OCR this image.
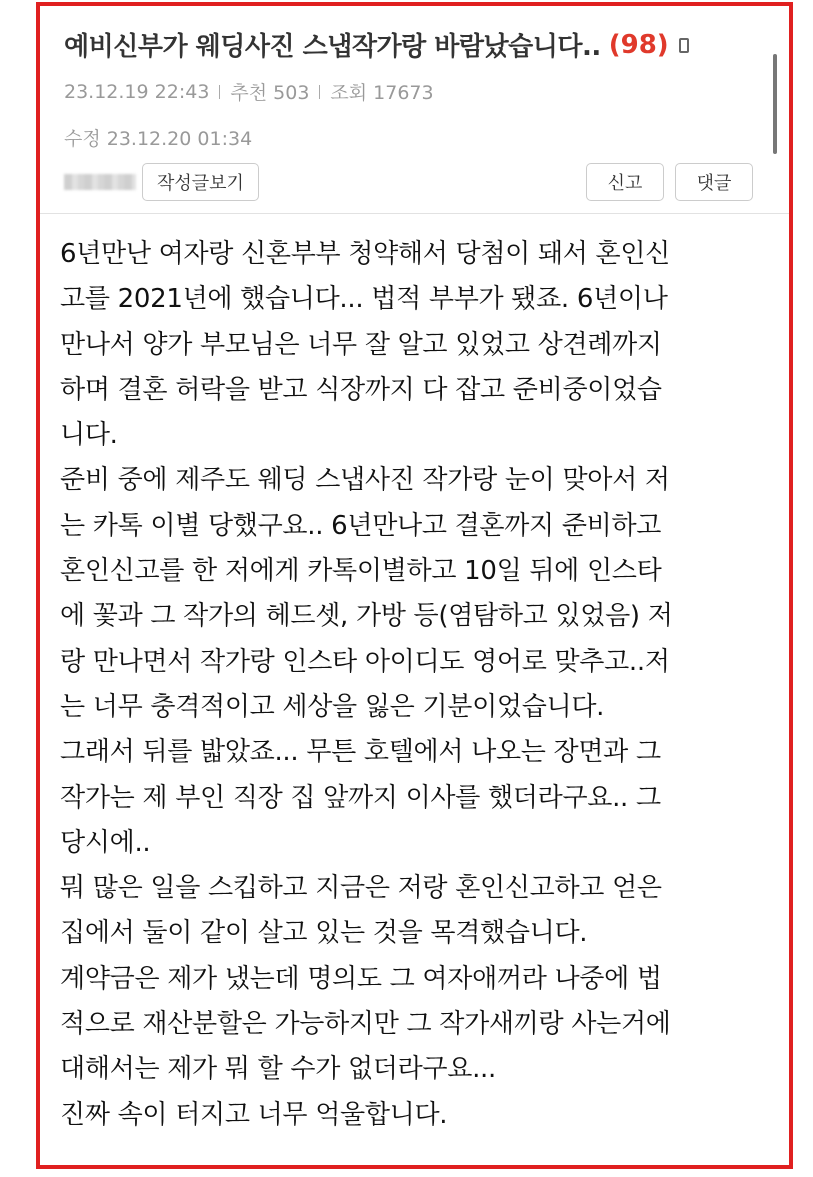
예비신부가 웨딩사진 스냅작가랑 바람났습니다.. (98)
23.12.19 22:43 추천 503 조회 17673
수정 23.12.20 01:34
작성글보기	신고	댓글
6년만난 여자랑 신혼부부 청약해서 당첨이 돼서 혼인신
고를 2021년에 했습니다... 법적 부부가 됐죠. 6년이나
만나서 양가 부모님은 너무 잘 알고 있었고 상견례까지
하며 결혼 허락을 받고 식장까지 다 잡고 준비중이었습
니다.
준비 중에 제주도 웨딩 스냅사진 작가랑 눈이 맞아서 저
는 카톡 이별 당했구요.. 6년만나고 결혼까지 준비하고
혼인신고를 한 저에게 카톡이별하고 10일 뒤에 인스타
에 꽃과 그 작가의 헤드셋, 가방 등(염탐하고 있었음) 저
랑 만나면서 작가랑 인스타 아이디도 영어로 맞추고..저
는 너무 충격적이고 세상을 잃은 기분이었습니다.
그래서 뒤를 밟았죠... 무튼 호텔에서 나오는 장면과 그
작가는 제 부인 직장 집 앞까지 이사를 했더라구요.. 그
당시에..
뭐 많은 일을 스킵하고 지금은 저랑 혼인신고하고 얻은
집에서 둘이 같이 살고 있는 것을 목격했습니다.
계약금은 제가 냈는데 명의도 그 여자애꺼라 나중에 법
적으로 재산분할은 가능하지만 그 작가새끼랑 사는거에
대해서는 제가 뭐 할 수가 없더라구요...
진짜 속이 터지고 너무 억울합니다.
